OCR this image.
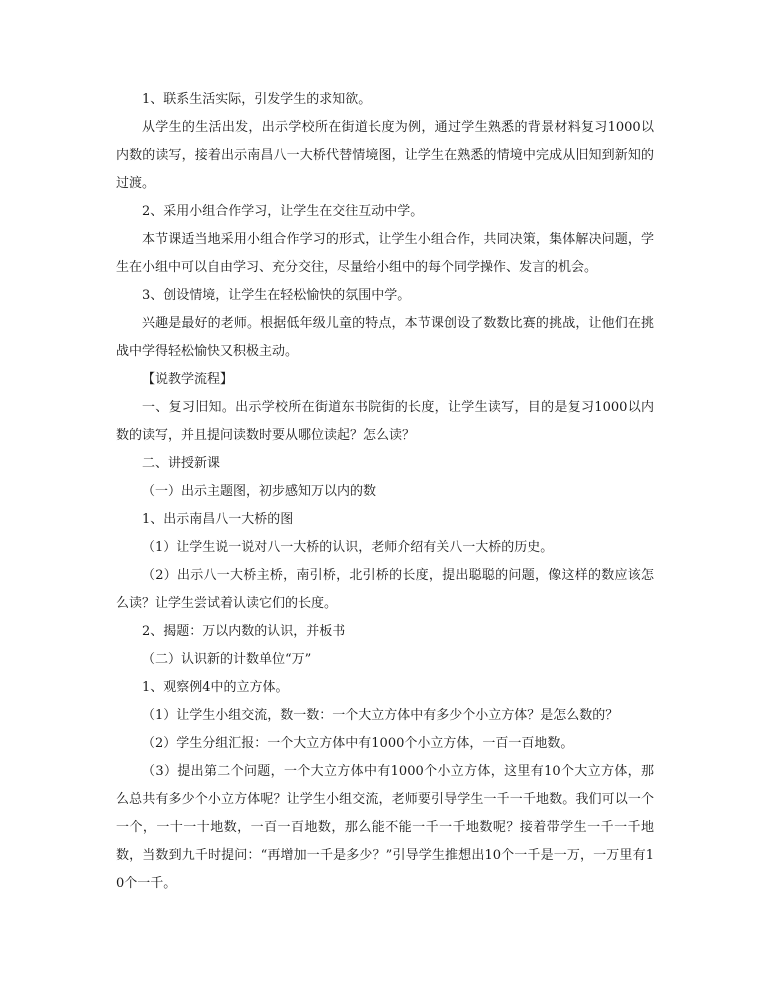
1、联系生活实际，引发学生的求知欲。

从学生的生活出发，出示学校所在街道长度为例，通过学生熟悉的背景材料复习1000以内数的读写，接着出示南昌八一大桥代替情境图，让学生在熟悉的情境中完成从旧知到新知的过渡。

2、采用小组合作学习，让学生在交往互动中学。

本节课适当地采用小组合作学习的形式，让学生小组合作，共同决策，集体解决问题，学生在小组中可以自由学习、充分交往，尽量给小组中的每个同学操作、发言的机会。

3、创设情境，让学生在轻松愉快的氛围中学。

兴趣是最好的老师。根据低年级儿童的特点，本节课创设了数数比赛的挑战，让他们在挑战中学得轻松愉快又积极主动。

【说教学流程】

一、复习旧知。出示学校所在街道东书院街的长度，让学生读写，目的是复习1000以内数的读写，并且提问读数时要从哪位读起？怎么读？

二、讲授新课

（一）出示主题图，初步感知万以内的数

1、出示南昌八一大桥的图

（1）让学生说一说对八一大桥的认识，老师介绍有关八一大桥的历史。

（2）出示八一大桥主桥，南引桥，北引桥的长度，提出聪聪的问题，像这样的数应该怎么读？让学生尝试着认读它们的长度。

2、揭题：万以内数的认识，并板书

（二）认识新的计数单位“万”

1、观察例4中的立方体。

（1）让学生小组交流，数一数：一个大立方体中有多少个小立方体？是怎么数的？

（2）学生分组汇报：一个大立方体中有1000个小立方体，一百一百地数。

（3）提出第二个问题，一个大立方体中有1000个小立方体，这里有10个大立方体，那么总共有多少个小立方体呢？让学生小组交流，老师要引导学生一千一千地数。我们可以一个一个，一十一十地数，一百一百地数，那么能不能一千一千地数呢？接着带学生一千一千地数，当数到九千时提问：“再增加一千是多少？”引导学生推想出10个一千是一万，一万里有10个一千。
